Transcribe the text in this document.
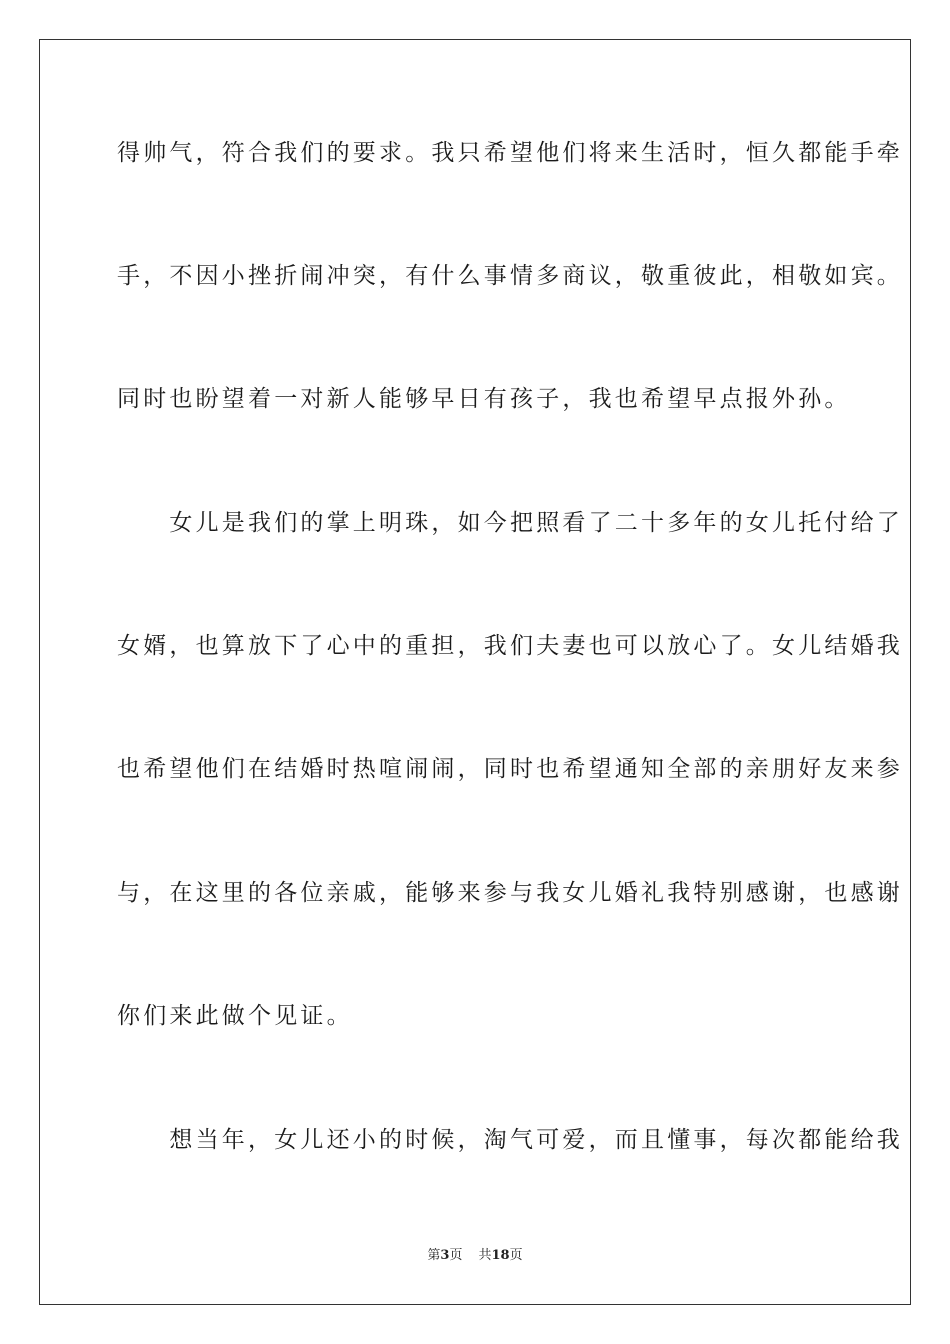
得帅气，符合我们的要求。我只希望他们将来生活时，恒久都能手牵
手，不因小挫折闹冲突，有什么事情多商议，敬重彼此，相敬如宾。
同时也盼望着一对新人能够早日有孩子，我也希望早点报外孙。
　　女儿是我们的掌上明珠，如今把照看了二十多年的女儿托付给了
女婿，也算放下了心中的重担，我们夫妻也可以放心了。女儿结婚我
也希望他们在结婚时热喧闹闹，同时也希望通知全部的亲朋好友来参
与，在这里的各位亲戚，能够来参与我女儿婚礼我特别感谢，也感谢
你们来此做个见证。
　　想当年，女儿还小的时候，淘气可爱，而且懂事，每次都能给我
第3页 共18页
